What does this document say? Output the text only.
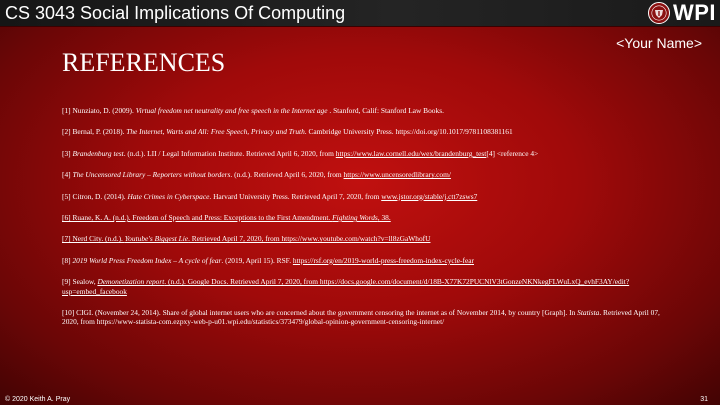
CS 3043 Social Implications Of Computing	WPI
<Your Name>
REFERENCES

[1] Nunziato, D. (2009). Virtual freedom net neutrality and free speech in the Internet age . Stanford, Calif: Stanford Law Books.

[2] Bernal, P. (2018). The Internet, Warts and All: Free Speech, Privacy and Truth. Cambridge University Press. https://doi.org/10.1017/9781108381161

[3] Brandenburg test. (n.d.). LII / Legal Information Institute. Retrieved April 6, 2020, from https://www.law.cornell.edu/wex/brandenburg_test[4] <reference 4>

[4] The Uncensored Library – Reporters without borders. (n.d.). Retrieved April 6, 2020, from https://www.uncensoredlibrary.com/

[5] Citron, D. (2014). Hate Crimes in Cyberspace. Harvard University Press. Retrieved April 7, 2020, from www.jstor.org/stable/j.ctt7zsws7

[6] Ruane, K. A. (n.d.). Freedom of Speech and Press: Exceptions to the First Amendment. Fighting Words, 38.

[7] Nerd City. (n.d.). Youtube's Biggest Lie. Retrieved April 7, 2020, from https://www.youtube.com/watch?v=ll8zGaWhofU

[8] 2019 World Press Freedom Index – A cycle of fear. (2019, April 15). RSF. https://rsf.org/en/2019-world-press-freedom-index-cycle-fear

[9] Sealow, Demonetization report. (n.d.). Google Docs. Retrieved April 7, 2020, from https://docs.google.com/document/d/18B-X77K72PUCNlV3tGonzeNKNkegFLWuLxQ_evhF3AY/edit?usp=embed_facebook

[10] CIGI. (November 24, 2014). Share of global internet users who are concerned about the government censoring the internet as of November 2014, by country [Graph]. In Statista. Retrieved April 07, 2020, from https://www-statista-com.ezpxy-web-p-u01.wpi.edu/statistics/373479/global-opinion-government-censoring-internet/

© 2020 Keith A. Pray	31
